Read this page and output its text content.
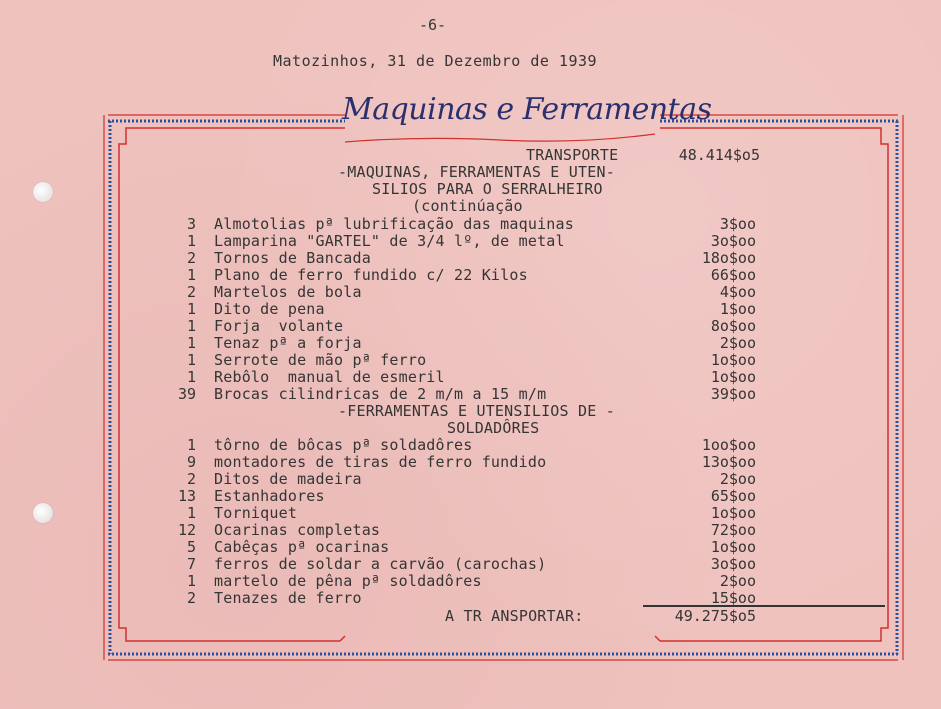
-6-
Matozinhos, 31 de Dezembro de 1939
Maquinas e Ferramentas
TRANSPORTE	48.414$o5
-MAQUINAS, FERRAMENTAS E UTEN-
SILIOS PARA O SERRALHEIRO
(continúação
3 Almotolias pª lubrificação das maquinas	3$oo
1 Lamparina "GARTEL" de 3/4 lº, de metal	3o$oo
2 Tornos de Bancada	18o$oo
1 Plano de ferro fundido c/ 22 Kilos	66$oo
2 Martelos de bola	4$oo
1 Dito de pena	1$oo
1 Forja  volante	8o$oo
1 Tenaz pª a forja	2$oo
1 Serrote de mão pª ferro	1o$oo
1 Rebôlo  manual de esmeril	1o$oo
39 Brocas cilindricas de 2 m/m a 15 m/m	39$oo
-FERRAMENTAS E UTENSILIOS DE -
SOLDADÔRES
1 tôrno de bôcas pª soldadôres	1oo$oo
9 montadores de tiras de ferro fundido	13o$oo
2 Ditos de madeira	2$oo
13 Estanhadores	65$oo
1 Torniquet	1o$oo
12 Ocarinas completas	72$oo
5 Cabêças pª ocarinas	1o$oo
7 ferros de soldar a carvão (carochas)	3o$oo
1 martelo de pêna pª soldadôres	2$oo
2 Tenazes de ferro	15$oo
A TR ANSPORTAR:	49.275$o5
